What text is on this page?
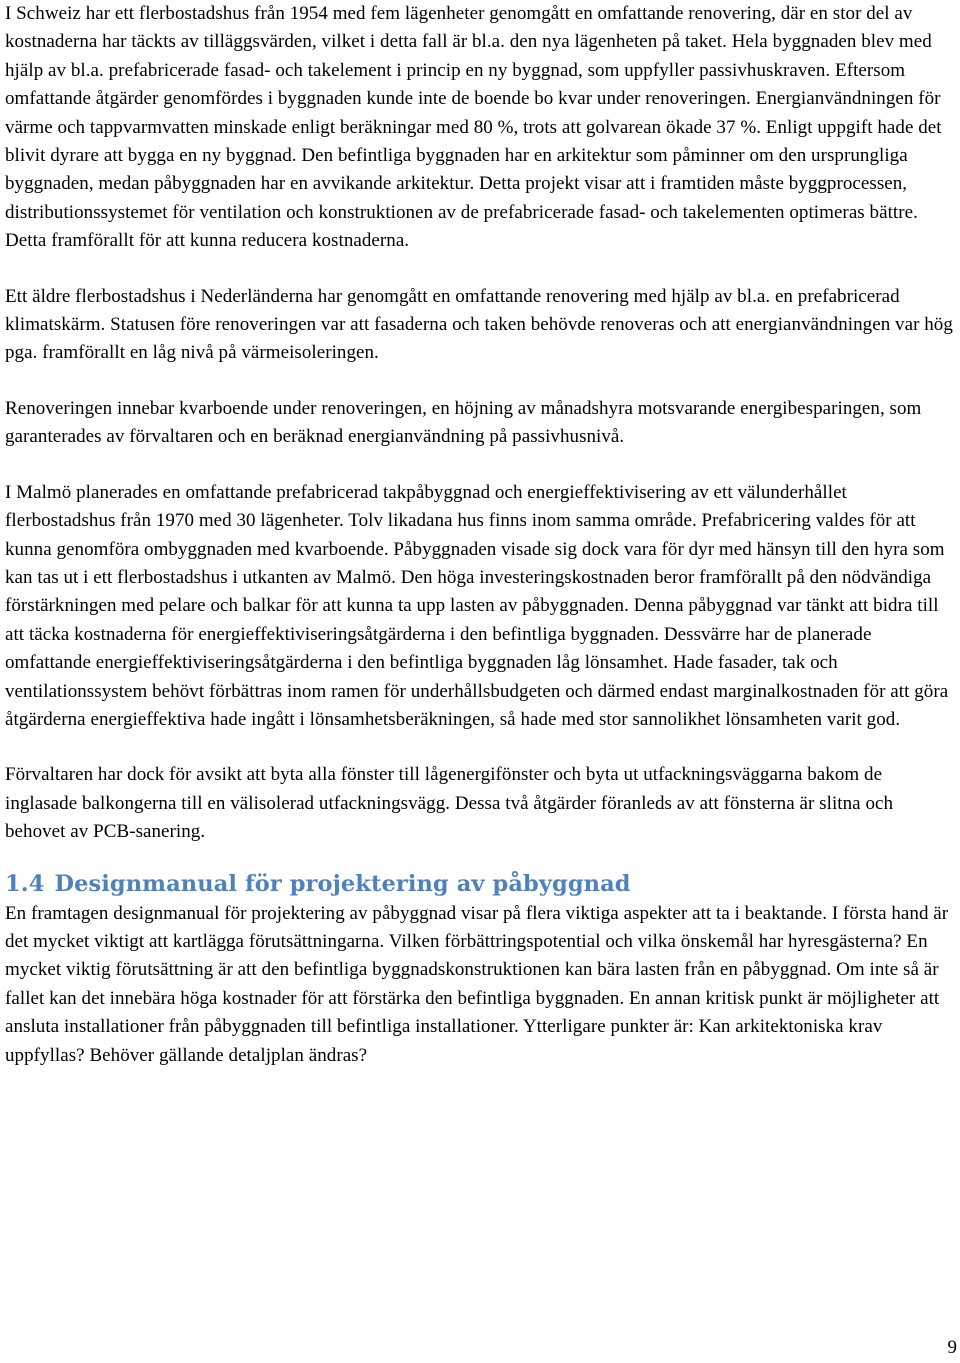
I Schweiz har ett flerbostadshus från 1954 med fem lägenheter genomgått en omfattande renovering, där en stor del av kostnaderna har täckts av tilläggsvärden, vilket i detta fall är bl.a. den nya lägenheten på taket. Hela byggnaden blev med hjälp av bl.a. prefabricerade fasad- och takelement i princip en ny byggnad, som uppfyller passivhuskraven. Eftersom omfattande åtgärder genomfördes i byggnaden kunde inte de boende bo kvar under renoveringen. Energianvändningen för värme och tappvarmvatten minskade enligt beräkningar med 80 %, trots att golvarean ökade 37 %. Enligt uppgift hade det blivit dyrare att bygga en ny byggnad. Den befintliga byggnaden har en arkitektur som påminner om den ursprungliga byggnaden, medan påbyggnaden har en avvikande arkitektur. Detta projekt visar att i framtiden måste byggprocessen, distributionssystemet för ventilation och konstruktionen av de prefabricerade fasad- och takelementen optimeras bättre. Detta framförallt för att kunna reducera kostnaderna.

Ett äldre flerbostadshus i Nederländerna har genomgått en omfattande renovering med hjälp av bl.a. en prefabricerad klimatskärm. Statusen före renoveringen var att fasaderna och taken behövde renoveras och att energianvändningen var hög pga. framförallt en låg nivå på värmeisoleringen.

Renoveringen innebar kvarboende under renoveringen, en höjning av månadshyra motsvarande energibesparingen, som garanterades av förvaltaren och en beräknad energianvändning på passivhusnivå.

I Malmö planerades en omfattande prefabricerad takpåbyggnad och energieffektivisering av ett välunderhållet flerbostadshus från 1970 med 30 lägenheter. Tolv likadana hus finns inom samma område. Prefabricering valdes för att kunna genomföra ombyggnaden med kvarboende. Påbyggnaden visade sig dock vara för dyr med hänsyn till den hyra som kan tas ut i ett flerbostadshus i utkanten av Malmö. Den höga investeringskostnaden beror framförallt på den nödvändiga förstärkningen med pelare och balkar för att kunna ta upp lasten av påbyggnaden. Denna påbyggnad var tänkt att bidra till att täcka kostnaderna för energieffektiviseringsåtgärderna i den befintliga byggnaden. Dessvärre har de planerade omfattande energieffektiviseringsåtgärderna i den befintliga byggnaden låg lönsamhet. Hade fasader, tak och ventilationssystem behövt förbättras inom ramen för underhållsbudgeten och därmed endast marginalkostnaden för att göra åtgärderna energieffektiva hade ingått i lönsamhetsberäkningen, så hade med stor sannolikhet lönsamheten varit god.

Förvaltaren har dock för avsikt att byta alla fönster till lågenergifönster och byta ut utfackningsväggarna bakom de inglasade balkongerna till en välisolerad utfackningsvägg. Dessa två åtgärder föranleds av att fönsterna är slitna och behovet av PCB-sanering.

1.4 Designmanual för projektering av påbyggnad

En framtagen designmanual för projektering av påbyggnad visar på flera viktiga aspekter att ta i beaktande. I första hand är det mycket viktigt att kartlägga förutsättningarna. Vilken förbättringspotential och vilka önskemål har hyresgästerna? En mycket viktig förutsättning är att den befintliga byggnadskonstruktionen kan bära lasten från en påbyggnad. Om inte så är fallet kan det innebära höga kostnader för att förstärka den befintliga byggnaden. En annan kritisk punkt är möjligheter att ansluta installationer från påbyggnaden till befintliga installationer. Ytterligare punkter är: Kan arkitektoniska krav uppfyllas? Behöver gällande detaljplan ändras?

9
